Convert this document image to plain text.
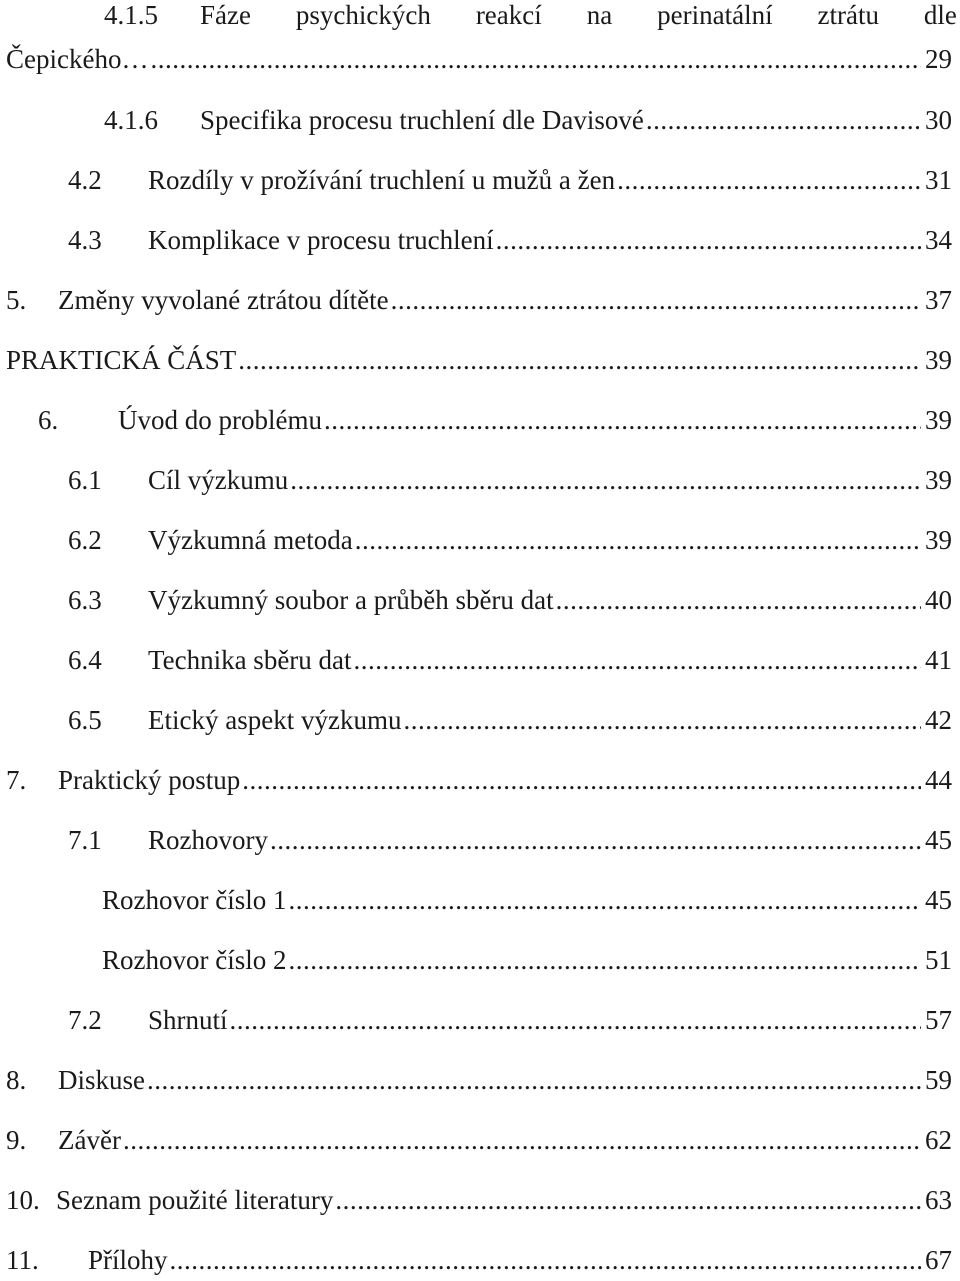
4.1.5 Fáze psychických reakcí na perinatální ztrátu dle
Čepického… .....	29
4.1.6 Specifika procesu truchlení dle Davisové .....	30
4.2 Rozdíly v prožívání truchlení u mužů a žen .....	31
4.3 Komplikace v procesu truchlení .....	34
5. Změny vyvolané ztrátou dítěte .....	37
PRAKTICKÁ ČÁST .....	39
6. Úvod do problému .....	39
6.1 Cíl výzkumu .....	39
6.2 Výzkumná metoda .....	39
6.3 Výzkumný soubor a průběh sběru dat .....	40
6.4 Technika sběru dat .....	41
6.5 Etický aspekt výzkumu .....	42
7. Praktický postup .....	44
7.1 Rozhovory .....	45
Rozhovor číslo 1 .....	45
Rozhovor číslo 2 .....	51
7.2 Shrnutí .....	57
8. Diskuse .....	59
9. Závěr .....	62
10. Seznam použité literatury .....	63
11. Přílohy .....	67
